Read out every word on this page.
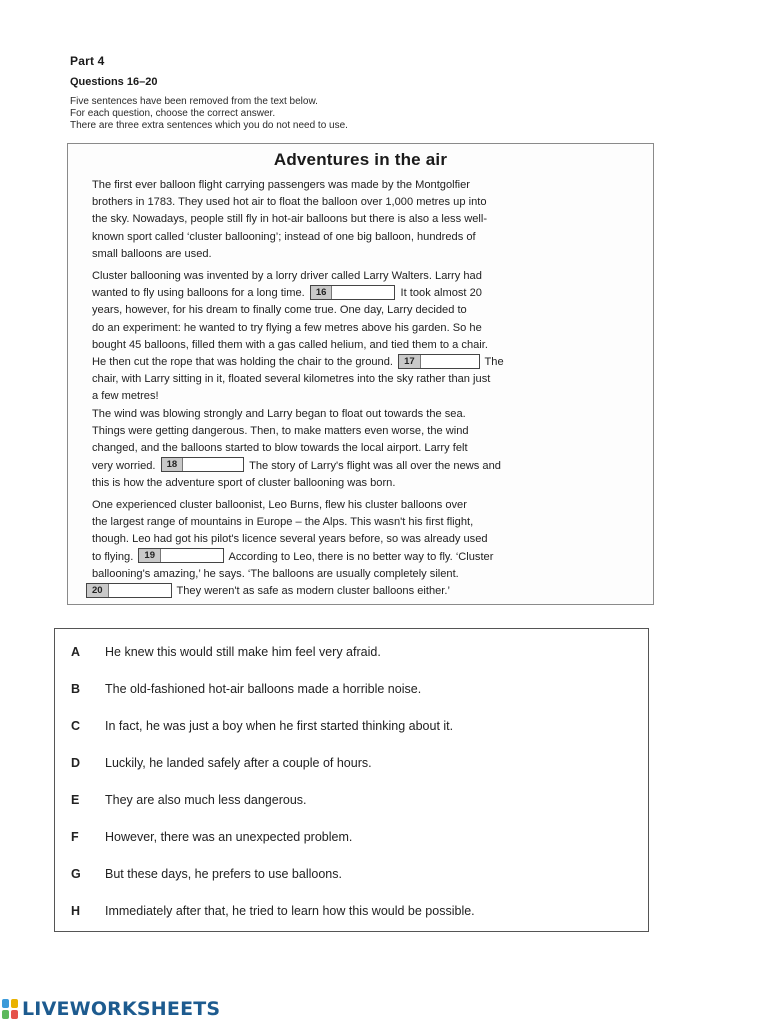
Part 4
Questions 16–20
Five sentences have been removed from the text below.
For each question, choose the correct answer.
There are three extra sentences which you do not need to use.
Adventures in the air
The first ever balloon flight carrying passengers was made by the Montgolfier
brothers in 1783. They used hot air to float the balloon over 1,000 metres up into
the sky. Nowadays, people still fly in hot-air balloons but there is also a less well-
known sport called ‘cluster ballooning’; instead of one big balloon, hundreds of
small balloons are used.
Cluster ballooning was invented by a lorry driver called Larry Walters. Larry had
wanted to fly using balloons for a long time. 16	It took almost 20
years, however, for his dream to finally come true. One day, Larry decided to
do an experiment: he wanted to try flying a few metres above his garden. So he
bought 45 balloons, filled them with a gas called helium, and tied them to a chair.
He then cut the rope that was holding the chair to the ground. 17	The
chair, with Larry sitting in it, floated several kilometres into the sky rather than just
a few metres!
The wind was blowing strongly and Larry began to float out towards the sea.
Things were getting dangerous. Then, to make matters even worse, the wind
changed, and the balloons started to blow towards the local airport. Larry felt
very worried. 18	The story of Larry's flight was all over the news and
this is how the adventure sport of cluster ballooning was born.
One experienced cluster balloonist, Leo Burns, flew his cluster balloons over
the largest range of mountains in Europe – the Alps. This wasn't his first flight,
though. Leo had got his pilot's licence several years before, so was already used
to flying. 19	According to Leo, there is no better way to fly. ‘Cluster
ballooning's amazing,’ he says. ‘The balloons are usually completely silent.
20	They weren't as safe as modern cluster balloons either.’
A He knew this would still make him feel very afraid.
B The old-fashioned hot-air balloons made a horrible noise.
C In fact, he was just a boy when he first started thinking about it.
D Luckily, he landed safely after a couple of hours.
E They are also much less dangerous.
F However, there was an unexpected problem.
G But these days, he prefers to use balloons.
H Immediately after that, he tried to learn how this would be possible.
LIVEWORKSHEETS
